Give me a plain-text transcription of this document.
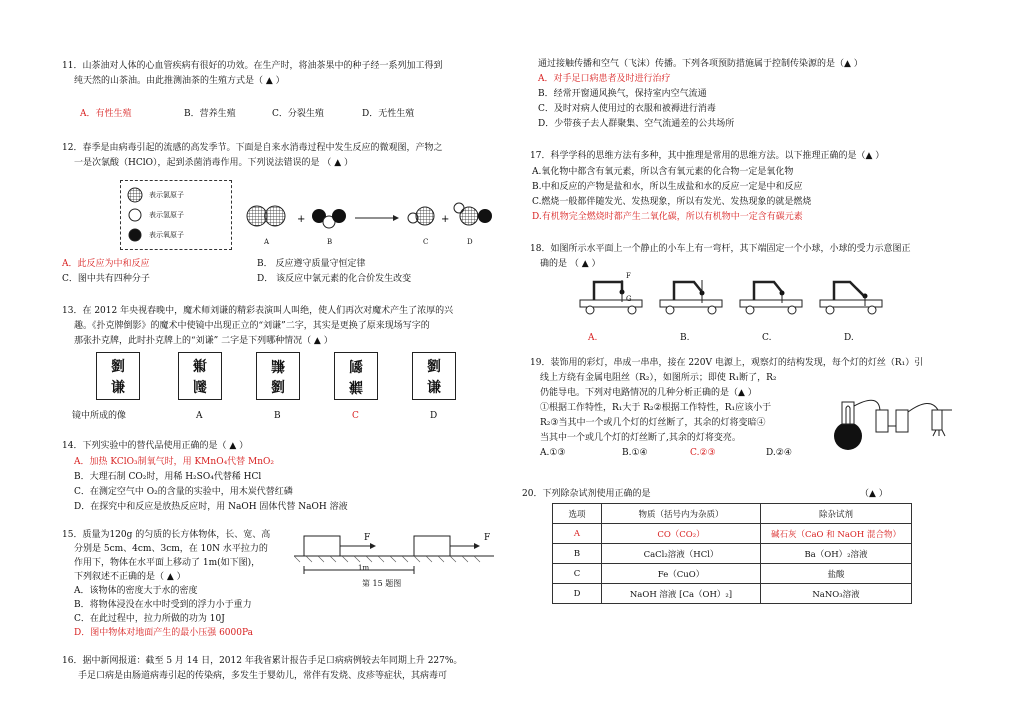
11．山茶油对人体的心血管疾病有很好的功效。在生产时，将油茶果中的种子经一系列加工得到
纯天然的山茶油。由此推测油茶的生殖方式是（ ▲ ）
A．有性生殖	B．营养生殖	C．分裂生殖	D．无性生殖
12．春季是由病毒引起的流感的高发季节。下面是自来水消毒过程中发生反应的微观图，产物之
一是次氯酸（HClO），起到杀菌消毒作用。下列说法错误的是 （ ▲ ）
表示氯原子
表示氢原子
表示氧原子
+	+
A	B	C	D
A．此反应为中和反应	B． 反应遵守质量守恒定律
C．图中共有四种分子	D． 该反应中氯元素的化合价发生改变
13．在 2012 年央视春晚中，魔术师刘谦的精彩表演叫人叫绝，使人们再次对魔术产生了浓厚的兴
趣。《扑克牌倒影》的魔术中使镜中出现正立的“刘谦”二字，其实是更换了原来现场写字的
那张扑克牌，此时扑克牌上的“刘谦” 二字是下列哪种情况（ ▲ ）
劉
谦
谦
劉
謙
劉
劉
謙
劉
谦
镜中所成的像	A	B	C	D
14．下列实验中的替代品使用正确的是（ ▲ ）
A．加热 KClO₃制氧气时，用 KMnO₄代替 MnO₂
B．大理石制 CO₂时，用稀 H₂SO₄代替稀 HCl
C．在测定空气中 O₂的含量的实验中，用木炭代替红磷
D．在探究中和反应是放热反应时，用 NaOH 固体代替 NaOH 溶液
15．质量为120g 的匀质的长方体物体，长、宽、高
分别是 5cm、4cm、3cm，在 10N 水平拉力的
作用下，物体在水平面上移动了 1m(如下图)，
下列叙述不正确的是（ ▲ ）
A．该物体的密度大于水的密度
B．将物体浸没在水中时受到的浮力小于重力
C．在此过程中，拉力所做的功为 10J
D．图中物体对地面产生的最小压强 6000Pa
F	F
1m
第 15 题图
16．据中新网报道：截至 5 月 14 日，2012 年我省累计报告手足口病病例较去年同期上升 227%。
手足口病是由肠道病毒引起的传染病，多发生于婴幼儿，常伴有发烧、皮疹等症状，其病毒可
通过接触传播和空气（飞沫）传播。下列各项预防措施属于控制传染源的是（▲ ）
A．对手足口病患者及时进行治疗
B．经常开窗通风换气，保持室内空气流通
C．及时对病人使用过的衣服和被褥进行消毒
D．少带孩子去人群聚集、空气流通差的公共场所
17．科学学科的思维方法有多种，其中推理是常用的思维方法。以下推理正确的是（▲ ）
A.氧化物中都含有氧元素，所以含有氧元素的化合物一定是氧化物
B.中和反应的产物是盐和水，所以生成盐和水的反应一定是中和反应
C.燃烧一般都伴随发光、发热现象，所以有发光、发热现象的就是燃烧
D.有机物完全燃烧时都产生二氧化碳，所以有机物中一定含有碳元素
18．如图所示水平面上一个静止的小车上有一弯杆，其下端固定一个小球，小球的受力示意图正
确的是 （ ▲ ）
F
G
A.	B.	C.	D.
19．装饰用的彩灯，串成一串串，接在 220V 电源上，观察灯的结构发现，每个灯的灯丝（R₁）引
线上方绕有金属电阻丝（R₂），如图所示；即使 R₁断了，R₂
仍能导电。下列对电路情况的几种分析正确的是（▲ ）
①根据工作特性，R₁大于 R₂②根据工作特性，R₁应该小于
R₂③当其中一个或几个灯的灯丝断了，其余的灯将变暗④
当其中一个或几个灯的灯丝断了,其余的灯将变亮。
A.①③	B.①④	C.②③	D.②④
20．下列除杂试剂使用正确的是	（▲ ）
选项	物质（括号内为杂质）	除杂试剂
A	CO（CO₂）	碱石灰（CaO 和 NaOH 混合物）
B	CaCl₂溶液（HCl）	Ba（OH）₂溶液
C	Fe（CuO）	盐酸
D	NaOH 溶液 [Ca（OH）₂]	NaNO₃溶液
